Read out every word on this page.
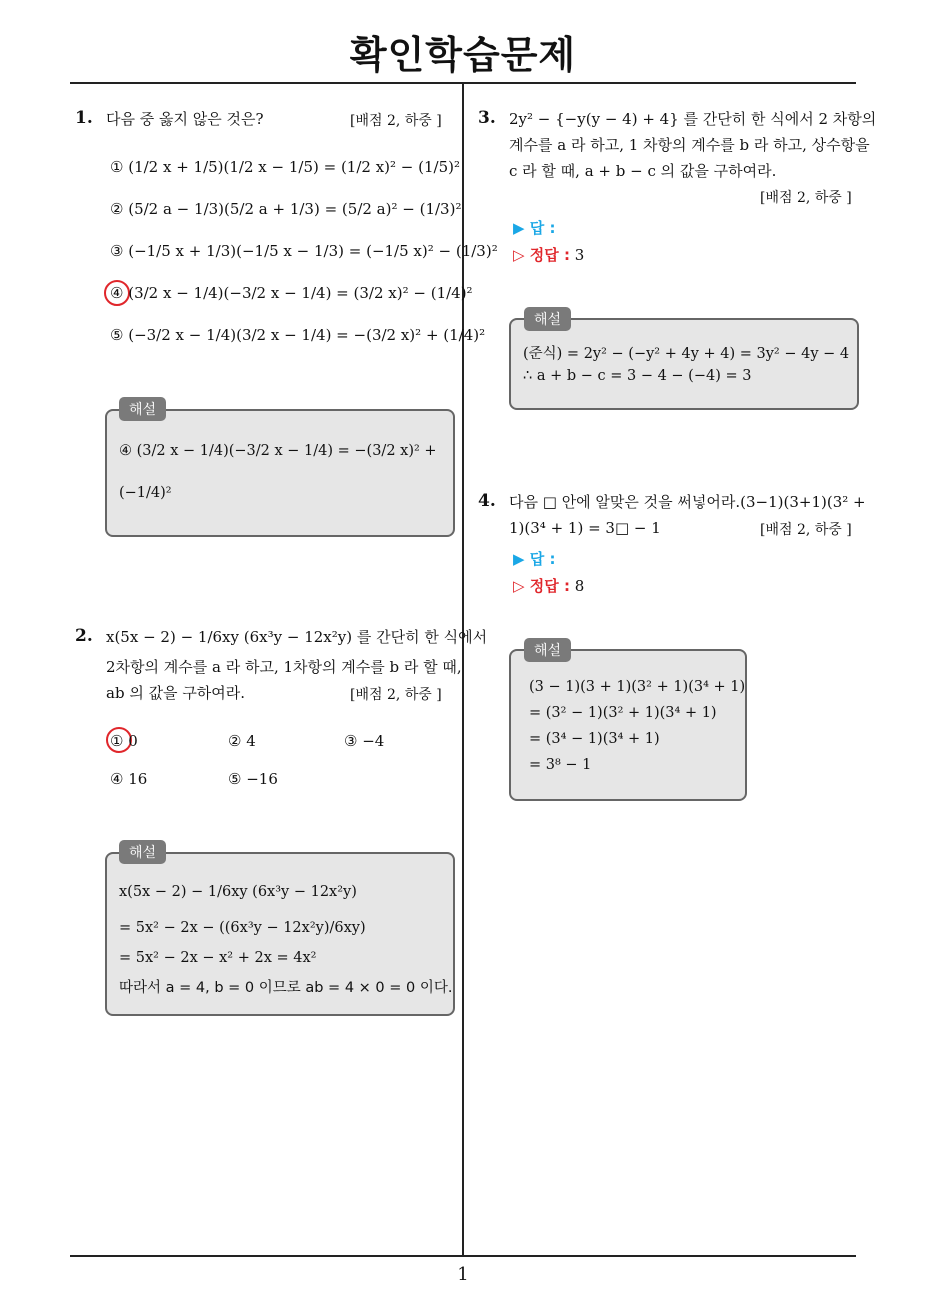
확인학습문제
1
1. 다음 중 옳지 않은 것은?	[배점 2, 하중 ]
① (1/2 x + 1/5)(1/2 x − 1/5) = (1/2 x)² − (1/5)²
② (5/2 a − 1/3)(5/2 a + 1/3) = (5/2 a)² − (1/3)²
③ (−1/5 x + 1/3)(−1/5 x − 1/3) = (−1/5 x)² − (1/3)²
④ (3/2 x − 1/4)(−3/2 x − 1/4) = (3/2 x)² − (1/4)²
⑤ (−3/2 x − 1/4)(3/2 x − 1/4) = −(3/2 x)² + (1/4)²
④ (3/2 x − 1/4)(−3/2 x − 1/4) = −(3/2 x)² +
(−1/4)²
해설
2. x(5x − 2) − 1/6xy (6x³y − 12x²y) 를 간단히 한 식에서
2차항의 계수를 a 라 하고, 1차항의 계수를 b 라 할 때,
ab 의 값을 구하여라.	[배점 2, 하중 ]
① 0	② 4	③ −4
④ 16	⑤ −16
x(5x − 2) − 1/6xy (6x³y − 12x²y)
= 5x² − 2x − ((6x³y − 12x²y)/6xy)
= 5x² − 2x − x² + 2x = 4x²
따라서 a = 4, b = 0 이므로 ab = 4 × 0 = 0 이다.
해설
3. 2y² − {−y(y − 4) + 4} 를 간단히 한 식에서 2 차항의
계수를 a 라 하고, 1 차항의 계수를 b 라 하고, 상수항을
c 라 할 때, a + b − c 의 값을 구하여라.
[배점 2, 하중 ]
▶ 답 :
▷ 정답 : 3
(준식) = 2y² − (−y² + 4y + 4) = 3y² − 4y − 4
∴ a + b − c = 3 − 4 − (−4) = 3
해설
4. 다음 □ 안에 알맞은 것을 써넣어라.(3−1)(3+1)(3² +
1)(3⁴ + 1) = 3□ − 1	[배점 2, 하중 ]
▶ 답 :
▷ 정답 : 8
(3 − 1)(3 + 1)(3² + 1)(3⁴ + 1)
= (3² − 1)(3² + 1)(3⁴ + 1)
= (3⁴ − 1)(3⁴ + 1)
= 3⁸ − 1
해설
